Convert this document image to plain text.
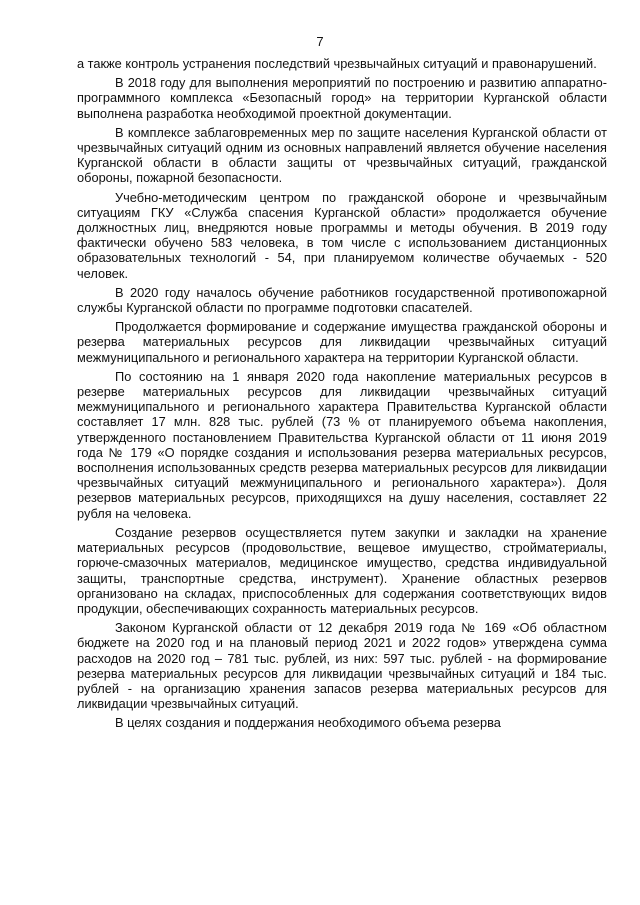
7

а также контроль устранения последствий чрезвычайных ситуаций и правонарушений.

В 2018 году для выполнения мероприятий по построению и развитию аппаратно-программного комплекса «Безопасный город» на территории Курганской области выполнена разработка необходимой проектной документации.

В комплексе заблаговременных мер по защите населения Курганской области от чрезвычайных ситуаций одним из основных направлений является обучение населения Курганской области в области защиты от чрезвычайных ситуаций, гражданской обороны, пожарной безопасности.

Учебно-методическим центром по гражданской обороне и чрезвычайным ситуациям ГКУ «Служба спасения Курганской области» продолжается обучение должностных лиц, внедряются новые программы и методы обучения. В 2019 году фактически обучено 583 человека, в том числе с использованием дистанционных образовательных технологий - 54, при планируемом количестве обучаемых - 520 человек.

В 2020 году началось обучение работников государственной противопожарной службы Курганской области по программе подготовки спасателей.

Продолжается формирование и содержание имущества гражданской обороны и резерва материальных ресурсов для ликвидации чрезвычайных ситуаций межмуниципального и регионального характера на территории Курганской области.

По состоянию на 1 января 2020 года накопление материальных ресурсов в резерве материальных ресурсов для ликвидации чрезвычайных ситуаций межмуниципального и регионального характера Правительства Курганской области составляет 17 млн. 828 тыс. рублей (73 % от планируемого объема накопления, утвержденного постановлением Правительства Курганской области от 11 июня 2019 года № 179 «О порядке создания и использования резерва материальных ресурсов, восполнения использованных средств резерва материальных ресурсов для ликвидации чрезвычайных ситуаций межмуниципального и регионального характера»). Доля резервов материальных ресурсов, приходящихся на душу населения, составляет 22 рубля на человека.

Создание резервов осуществляется путем закупки и закладки на хранение материальных ресурсов (продовольствие, вещевое имущество, стройматериалы, горюче-смазочных материалов, медицинское имущество, средства индивидуальной защиты, транспортные средства, инструмент). Хранение областных резервов организовано на складах, приспособленных для содержания соответствующих видов продукции, обеспечивающих сохранность материальных ресурсов.

Законом Курганской области от 12 декабря 2019 года № 169 «Об областном бюджете на 2020 год и на плановый период 2021 и 2022 годов» утверждена сумма расходов на 2020 год – 781 тыс. рублей, из них: 597 тыс. рублей - на формирование резерва материальных ресурсов для ликвидации чрезвычайных ситуаций и 184 тыс. рублей - на организацию хранения запасов резерва материальных ресурсов для ликвидации чрезвычайных ситуаций.

В целях создания и поддержания необходимого объема резерва
